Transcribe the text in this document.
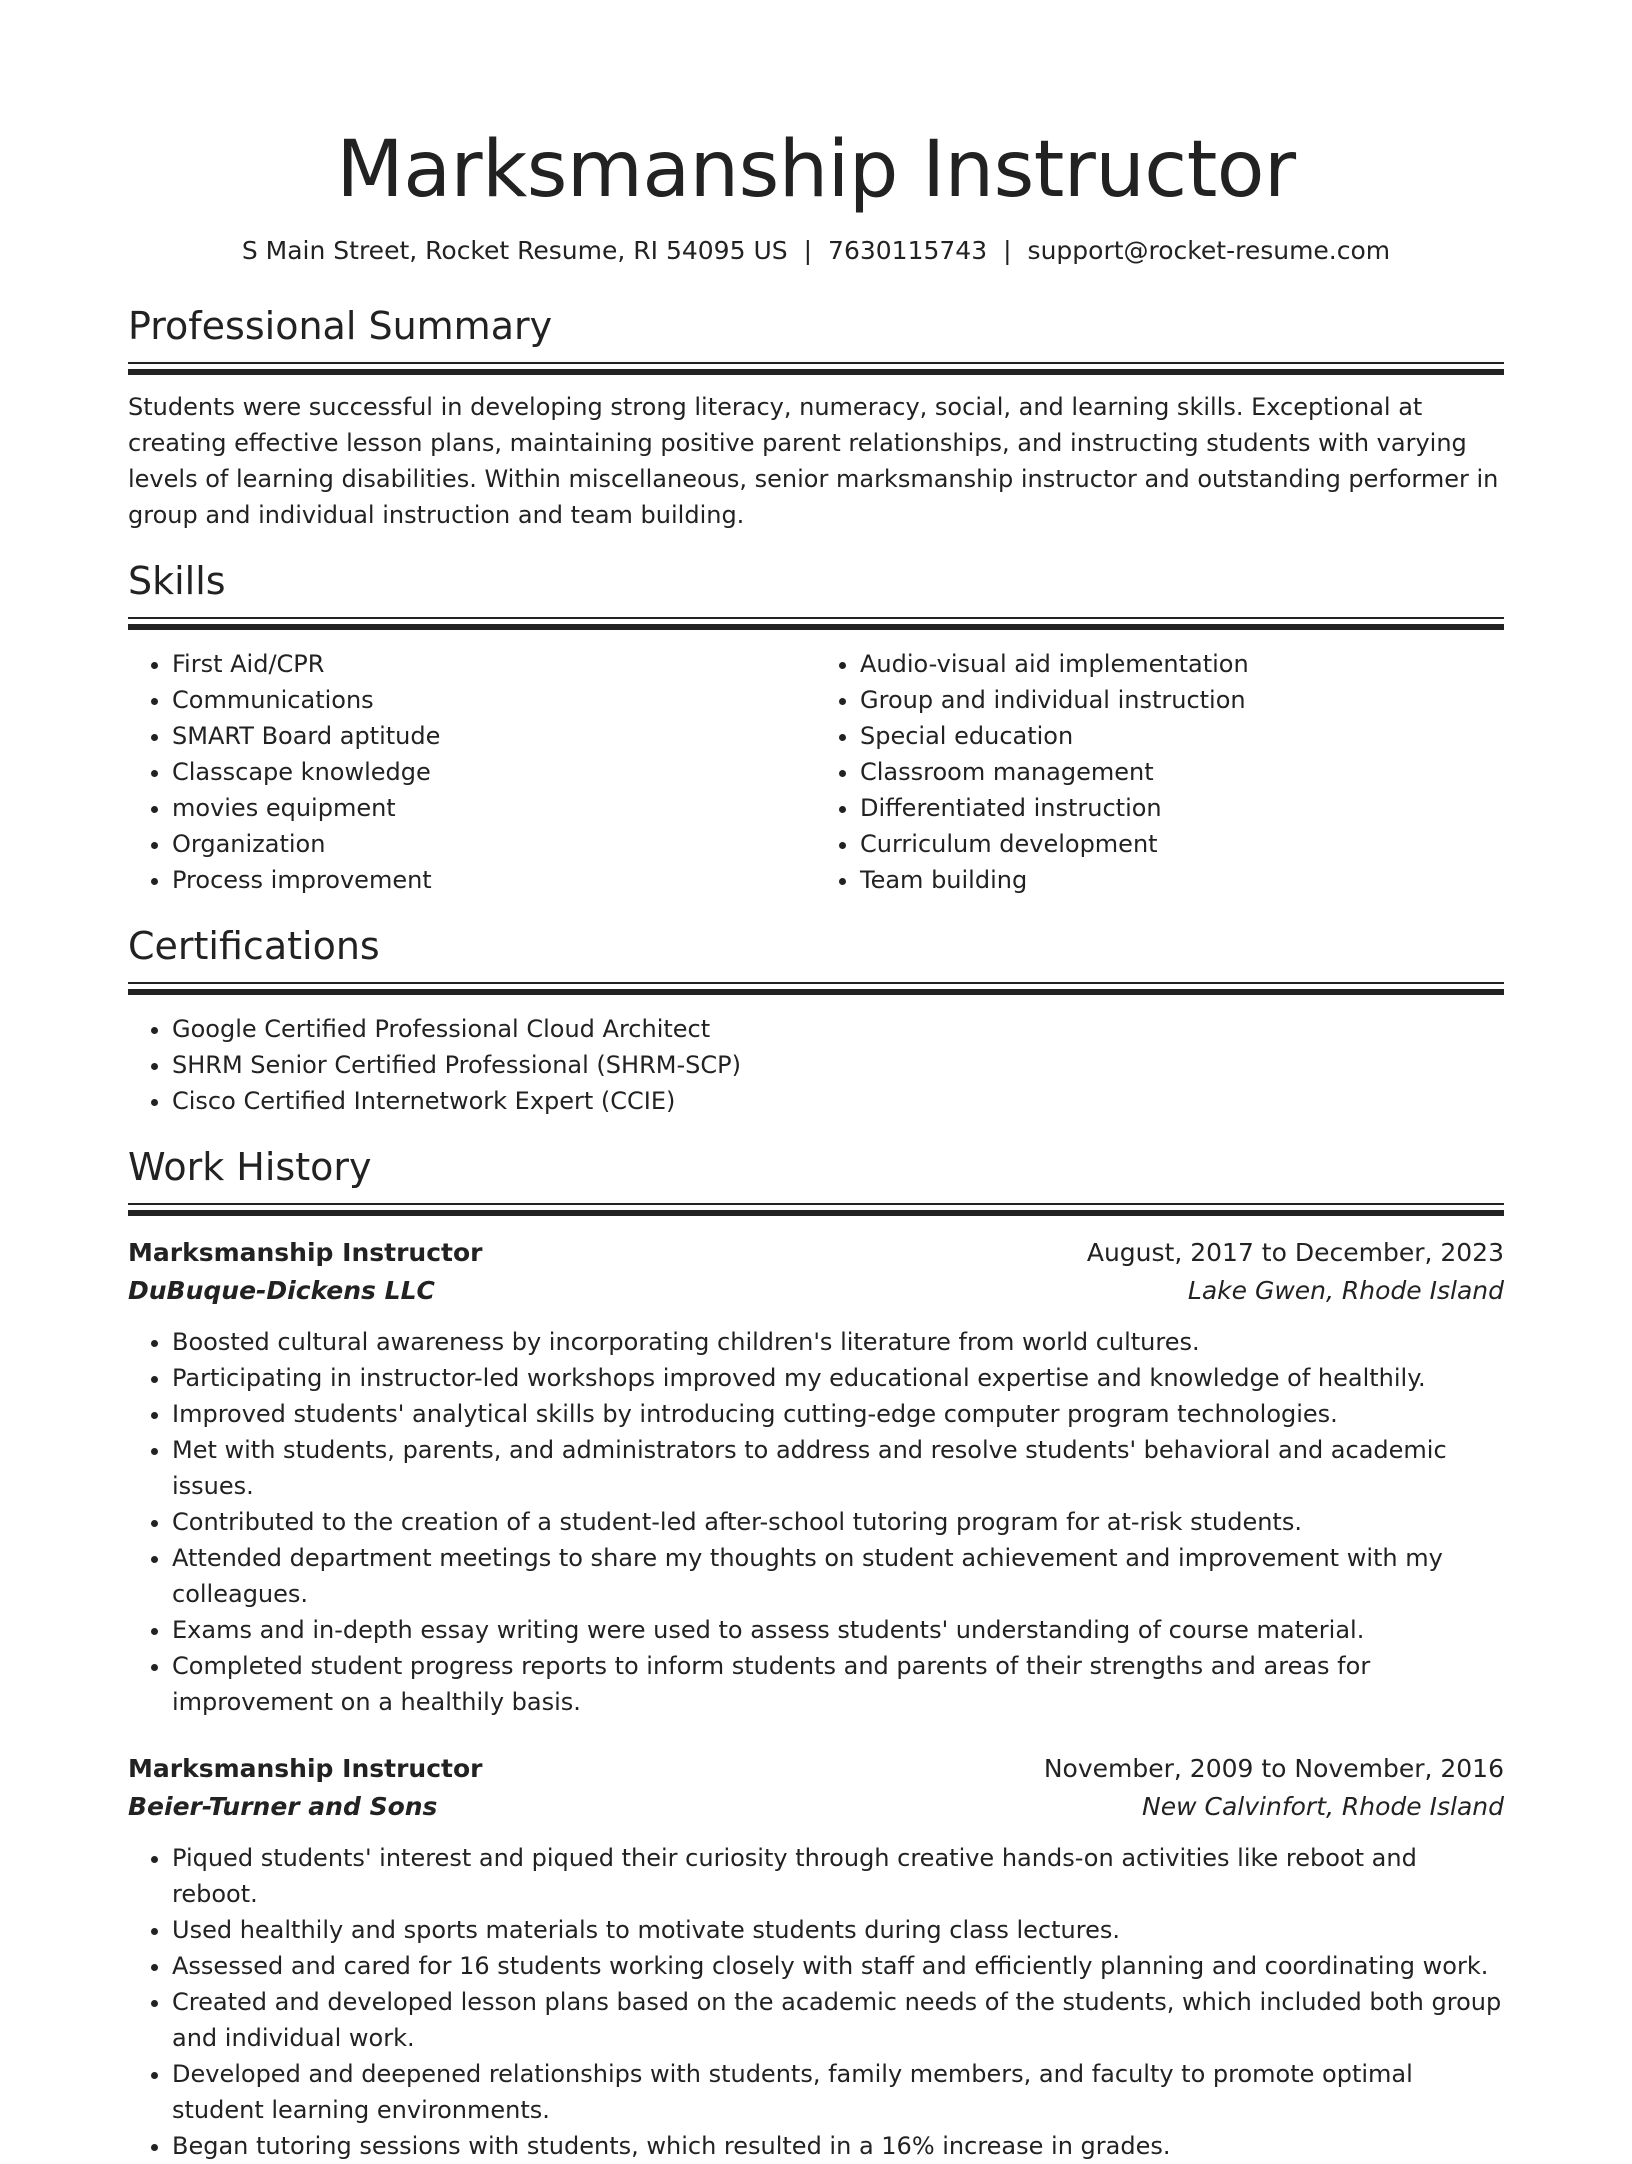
Marksmanship Instructor
S Main Street, Rocket Resume, RI 54095 US | 7630115743 | support@rocket-resume.com
Professional Summary

Students were successful in developing strong literacy, numeracy, social, and learning skills. Exceptional at creating effective lesson plans, maintaining positive parent relationships, and instructing students with varying levels of learning disabilities. Within miscellaneous, senior marksmanship instructor and outstanding performer in group and individual instruction and team building.

Skills
• First Aid/CPR
• Communications
• SMART Board aptitude
• Classcape knowledge
• movies equipment
• Organization
• Process improvement
• Audio-visual aid implementation
• Group and individual instruction
• Special education
• Classroom management
• Differentiated instruction
• Curriculum development
• Team building
Certifications
• Google Certified Professional Cloud Architect
• SHRM Senior Certified Professional (SHRM-SCP)
• Cisco Certified Internetwork Expert (CCIE)
Work History
Marksmanship Instructor	August, 2017 to December, 2023
DuBuque-Dickens LLC	Lake Gwen, Rhode Island
• Boosted cultural awareness by incorporating children's literature from world cultures.
• Participating in instructor-led workshops improved my educational expertise and knowledge of healthily.
• Improved students' analytical skills by introducing cutting-edge computer program technologies.
• Met with students, parents, and administrators to address and resolve students' behavioral and academic issues.
• Contributed to the creation of a student-led after-school tutoring program for at-risk students.
• Attended department meetings to share my thoughts on student achievement and improvement with my colleagues.
• Exams and in-depth essay writing were used to assess students' understanding of course material.
• Completed student progress reports to inform students and parents of their strengths and areas for improvement on a healthily basis.
Marksmanship Instructor	November, 2009 to November, 2016
Beier-Turner and Sons	New Calvinfort, Rhode Island
• Piqued students' interest and piqued their curiosity through creative hands-on activities like reboot and reboot.
• Used healthily and sports materials to motivate students during class lectures.
• Assessed and cared for 16 students working closely with staff and efficiently planning and coordinating work.
• Created and developed lesson plans based on the academic needs of the students, which included both group and individual work.
• Developed and deepened relationships with students, family members, and faculty to promote optimal student learning environments.
• Began tutoring sessions with students, which resulted in a 16% increase in grades.
